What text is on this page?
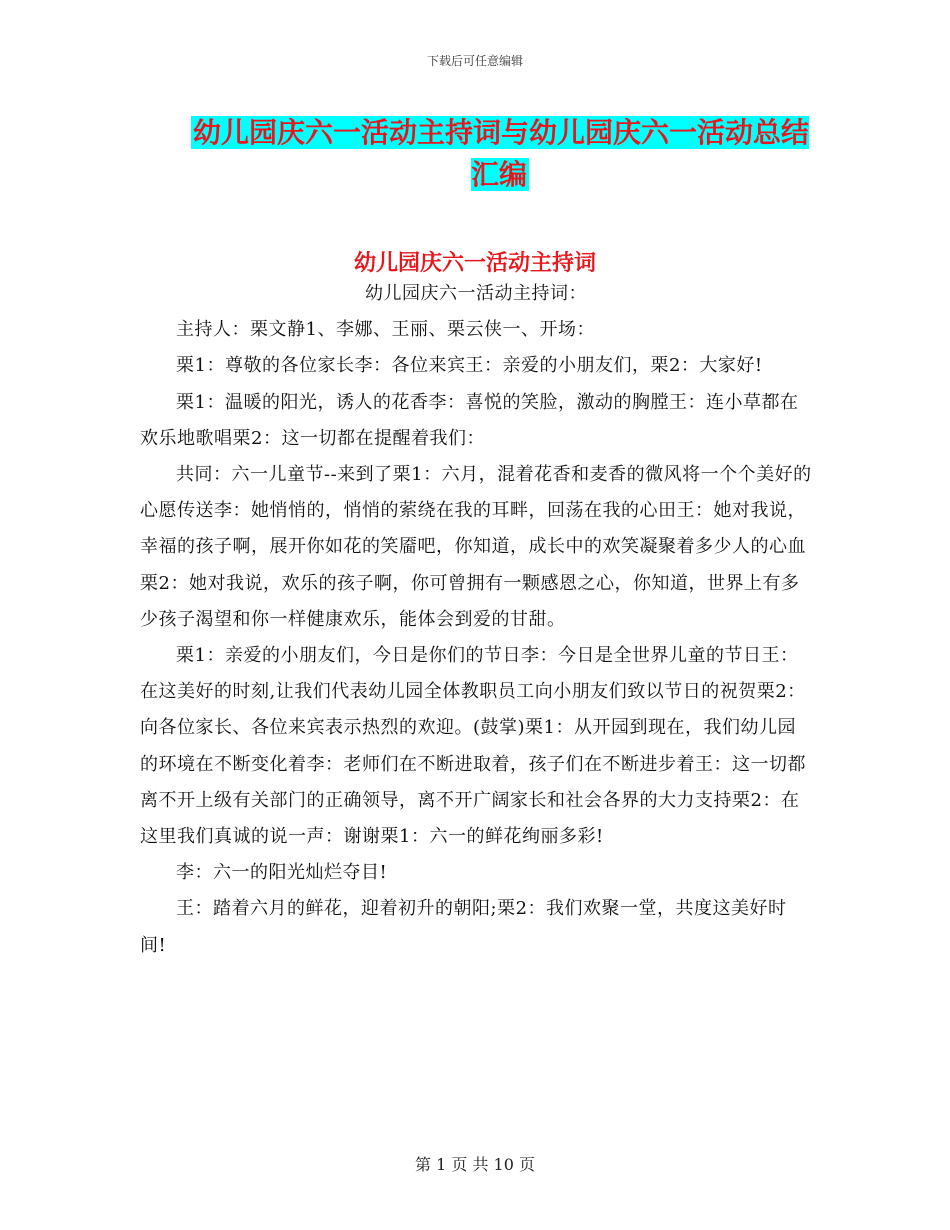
下载后可任意编辑
幼儿园庆六一活动主持词与幼儿园庆六一活动总结汇编
幼儿园庆六一活动主持词

幼儿园庆六一活动主持词：

主持人：栗文静1、李娜、王丽、栗云侠一、开场：

栗1：尊敬的各位家长李：各位来宾王：亲爱的小朋友们，栗2：大家好!

栗1：温暖的阳光，诱人的花香李：喜悦的笑脸，激动的胸膛王：连小草都在欢乐地歌唱栗2：这一切都在提醒着我们：

共同：六一儿童节--来到了栗1：六月，混着花香和麦香的微风将一个个美好的心愿传送李：她悄悄的，悄悄的萦绕在我的耳畔，回荡在我的心田王：她对我说，幸福的孩子啊，展开你如花的笑靥吧，你知道，成长中的欢笑凝聚着多少人的心血栗2：她对我说，欢乐的孩子啊，你可曾拥有一颗感恩之心，你知道，世界上有多少孩子渴望和你一样健康欢乐，能体会到爱的甘甜。

栗1：亲爱的小朋友们，今日是你们的节日李：今日是全世界儿童的节日王：在这美好的时刻,让我们代表幼儿园全体教职员工向小朋友们致以节日的祝贺栗2：向各位家长、各位来宾表示热烈的欢迎。(鼓掌)栗1：从开园到现在，我们幼儿园的环境在不断变化着李：老师们在不断进取着，孩子们在不断进步着王：这一切都离不开上级有关部门的正确领导，离不开广阔家长和社会各界的大力支持栗2：在这里我们真诚的说一声：谢谢栗1：六一的鲜花绚丽多彩!

李：六一的阳光灿烂夺目!

王：踏着六月的鲜花，迎着初升的朝阳;栗2：我们欢聚一堂，共度这美好时间!

第 1 页 共 10 页
